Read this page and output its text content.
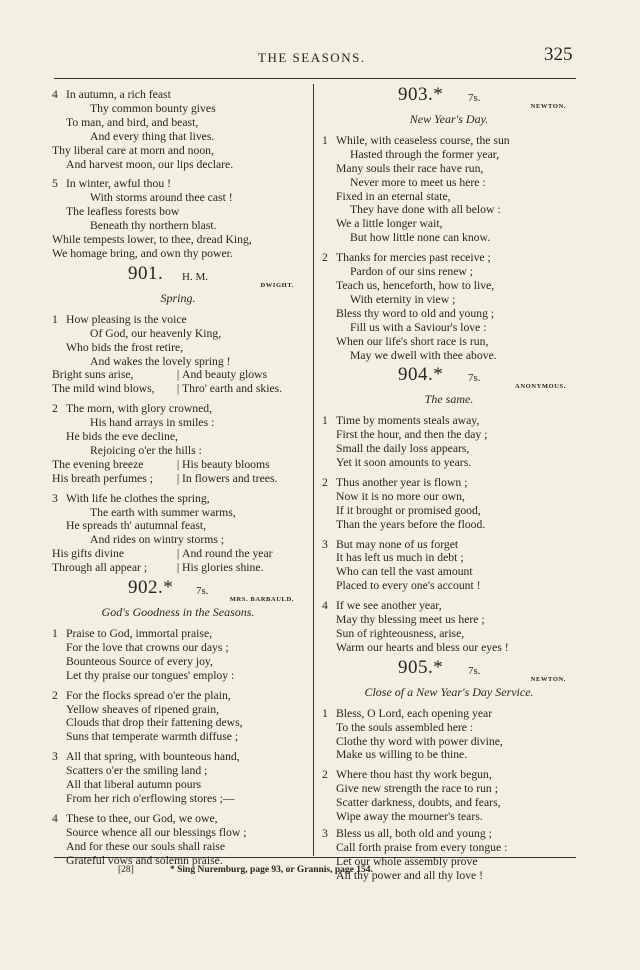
THE SEASONS.	325
4 In autumn, a rich feast
Thy common bounty gives
To man, and bird, and beast,
And every thing that lives.
Thy liberal care at morn and noon,
And harvest moon, our lips declare.
5 In winter, awful thou !
With storms around thee cast !
The leafless forests bow
Beneath thy northern blast.
While tempests lower, to thee, dread King,
We homage bring, and own thy power.
901. H. M.
DWIGHT.
Spring.
1 How pleasing is the voice
Of God, our heavenly King,
Who bids the frost retire,
And wakes the lovely spring !
Bright suns arise,	| And beauty glows
The mild wind blows,	| Thro' earth and skies.
2 The morn, with glory crowned,
His hand arrays in smiles :
He bids the eve decline,
Rejoicing o'er the hills :
The evening breeze	| His beauty blooms
His breath perfumes ;	| In flowers and trees.
3 With life he clothes the spring,
The earth with summer warms,
He spreads th' autumnal feast,
And rides on wintry storms ;
His gifts divine	| And round the year
Through all appear ;	| His glories shine.
902.* 7s.
MRS. BARBAULD.
God's Goodness in the Seasons.
1 Praise to God, immortal praise,
For the love that crowns our days ;
Bounteous Source of every joy,
Let thy praise our tongues' employ :
2 For the flocks spread o'er the plain,
Yellow sheaves of ripened grain,
Clouds that drop their fattening dews,
Suns that temperate warmth diffuse ;
3 All that spring, with bounteous hand,
Scatters o'er the smiling land ;
All that liberal autumn pours
From her rich o'erflowing stores ;—
4 These to thee, our God, we owe,
Source whence all our blessings flow ;
And for these our souls shall raise
Grateful vows and solemn praise.
903.* 7s.
NEWTON.
New Year's Day.
1 While, with ceaseless course, the sun
Hasted through the former year,
Many souls their race have run,
Never more to meet us here :
Fixed in an eternal state,
They have done with all below :
We a little longer wait,
But how little none can know.
2 Thanks for mercies past receive ;
Pardon of our sins renew ;
Teach us, henceforth, how to live,
With eternity in view ;
Bless thy word to old and young ;
Fill us with a Saviour's love :
When our life's short race is run,
May we dwell with thee above.
904.* 7s.
ANONYMOUS.
The same.
1 Time by moments steals away,
First the hour, and then the day ;
Small the daily loss appears,
Yet it soon amounts to years.
2 Thus another year is flown ;
Now it is no more our own,
If it brought or promised good,
Than the years before the flood.
3 But may none of us forget
It has left us much in debt ;
Who can tell the vast amount
Placed to every one's account !
4 If we see another year,
May thy blessing meet us here ;
Sun of righteousness, arise,
Warm our hearts and bless our eyes !
905.* 7s.
NEWTON.
Close of a New Year's Day Service.
1 Bless, O Lord, each opening year
To the souls assembled here :
Clothe thy word with power divine,
Make us willing to be thine.
2 Where thou hast thy work begun,
Give new strength the race to run ;
Scatter darkness, doubts, and fears,
Wipe away the mourner's tears.
3 Bless us all, both old and young ;
Call forth praise from every tongue :
Let our whole assembly prove
All thy power and all thy love !
[28]	* Sing Nuremburg, page 93, or Grannis, page 154.
